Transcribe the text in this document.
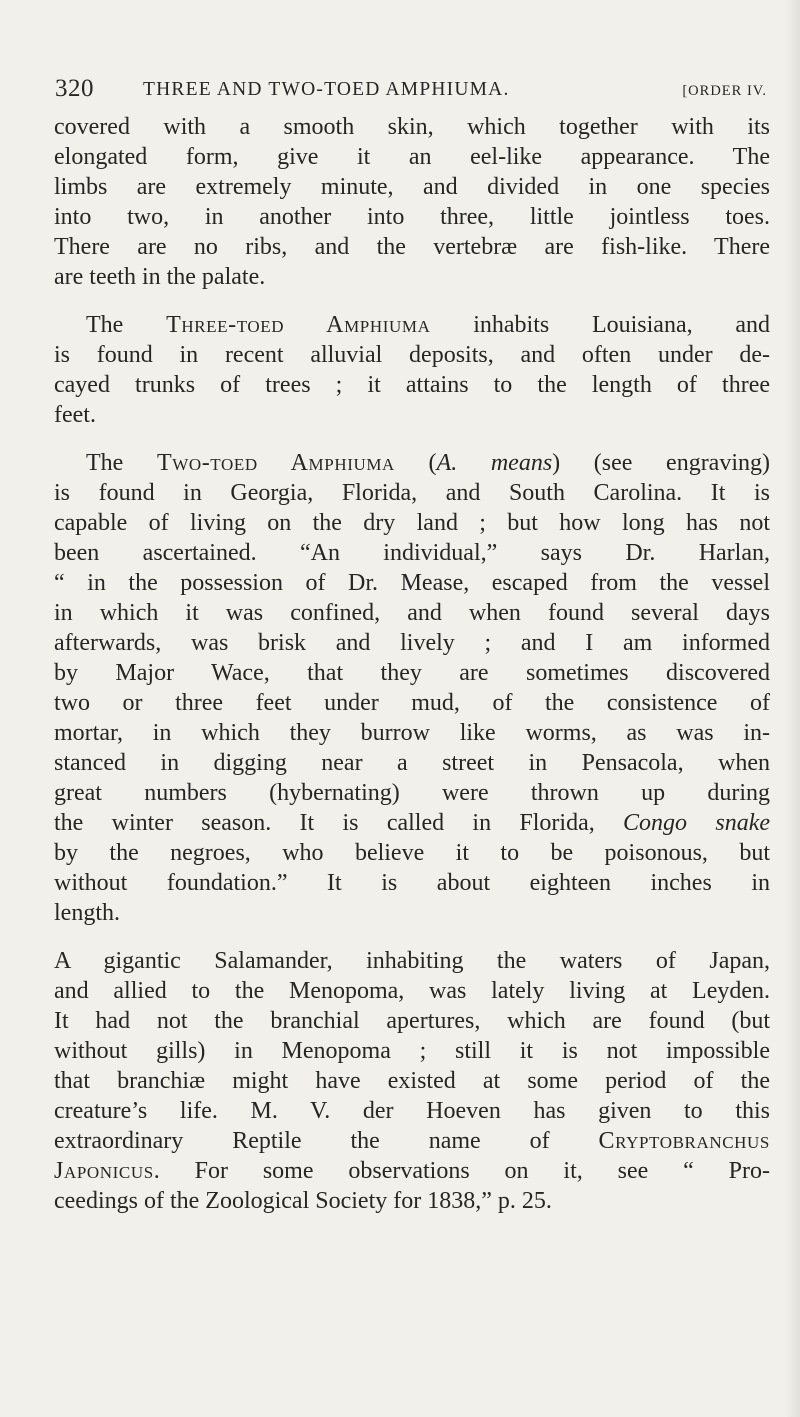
320	THREE AND TWO-TOED AMPHIUMA.	[ORDER IV.
covered with a smooth skin, which together with its
elongated form, give it an eel-like appearance. The
limbs are extremely minute, and divided in one species
into two, in another into three, little jointless toes.
There are no ribs, and the vertebræ are fish-like. There
are teeth in the palate.
The Three-toed Amphiuma inhabits Louisiana, and
is found in recent alluvial deposits, and often under de-
cayed trunks of trees ; it attains to the length of three
feet.
The Two-toed Amphiuma (A. means) (see engraving)
is found in Georgia, Florida, and South Carolina. It is
capable of living on the dry land ; but how long has not
been ascertained. “An individual,” says Dr. Harlan,
“ in the possession of Dr. Mease, escaped from the vessel
in which it was confined, and when found several days
afterwards, was brisk and lively ; and I am informed
by Major Wace, that they are sometimes discovered
two or three feet under mud, of the consistence of
mortar, in which they burrow like worms, as was in-
stanced in digging near a street in Pensacola, when
great numbers (hybernating) were thrown up during
the winter season. It is called in Florida, Congo snake
by the negroes, who believe it to be poisonous, but
without foundation.” It is about eighteen inches in
length.
A gigantic Salamander, inhabiting the waters of Japan,
and allied to the Menopoma, was lately living at Leyden.
It had not the branchial apertures, which are found (but
without gills) in Menopoma ; still it is not impossible
that branchiæ might have existed at some period of the
creature’s life. M. V. der Hoeven has given to this
extraordinary Reptile the name of Cryptobranchus
Japonicus. For some observations on it, see “ Pro-
ceedings of the Zoological Society for 1838,” p. 25.
